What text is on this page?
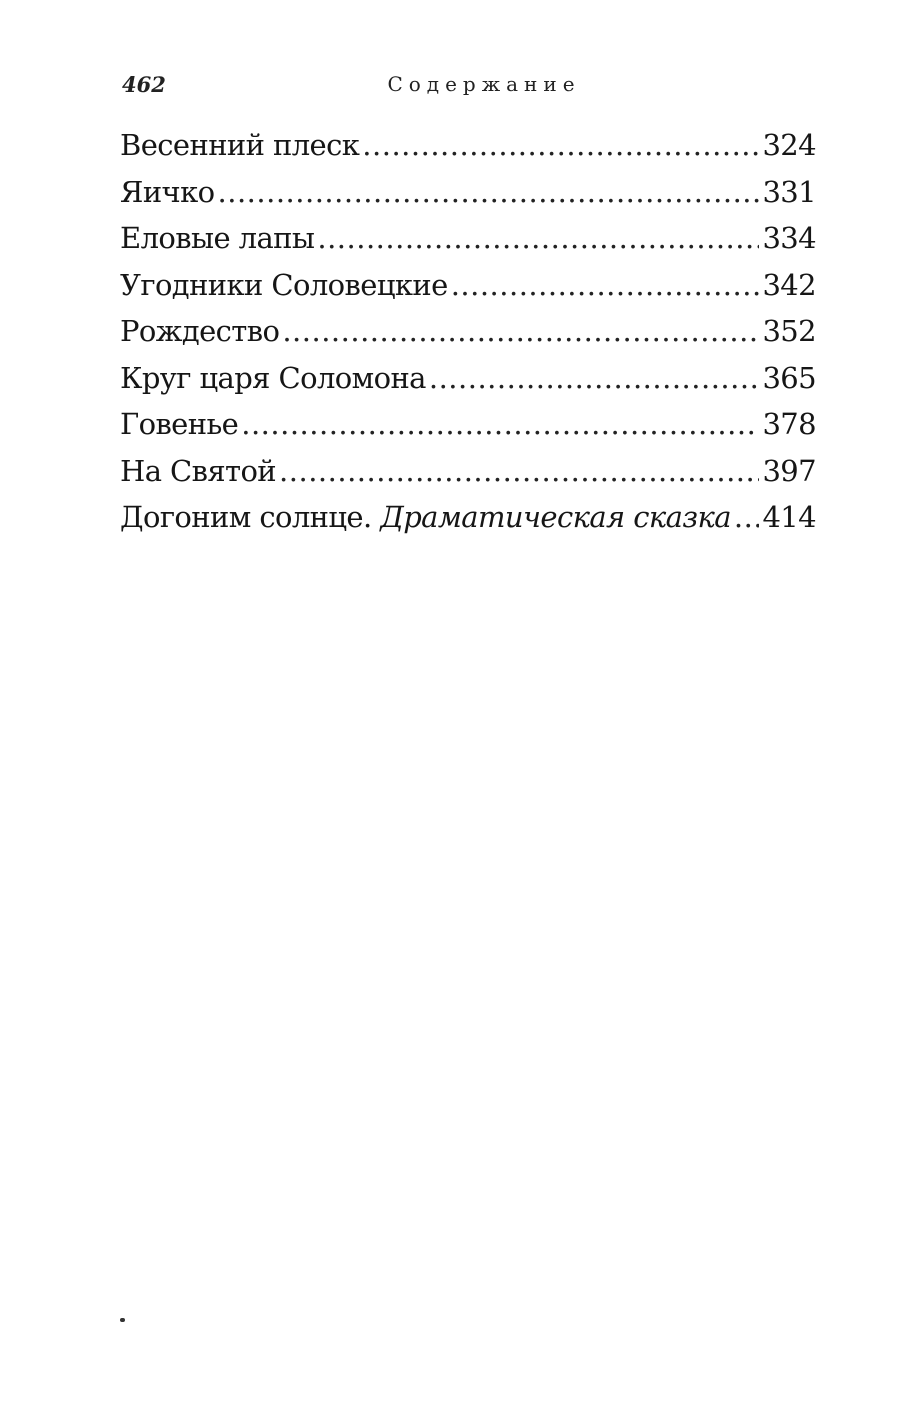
462	Содержание
Весенний плеск .....	324
Яичко .....	331
Еловые лапы .....	334
Угодники Соловецкие .....	342
Рождество .....	352
Круг царя Соломона .....	365
Говенье .....	378
На Святой .....	397
Догоним солнце. Драматическая сказка ..... 414
